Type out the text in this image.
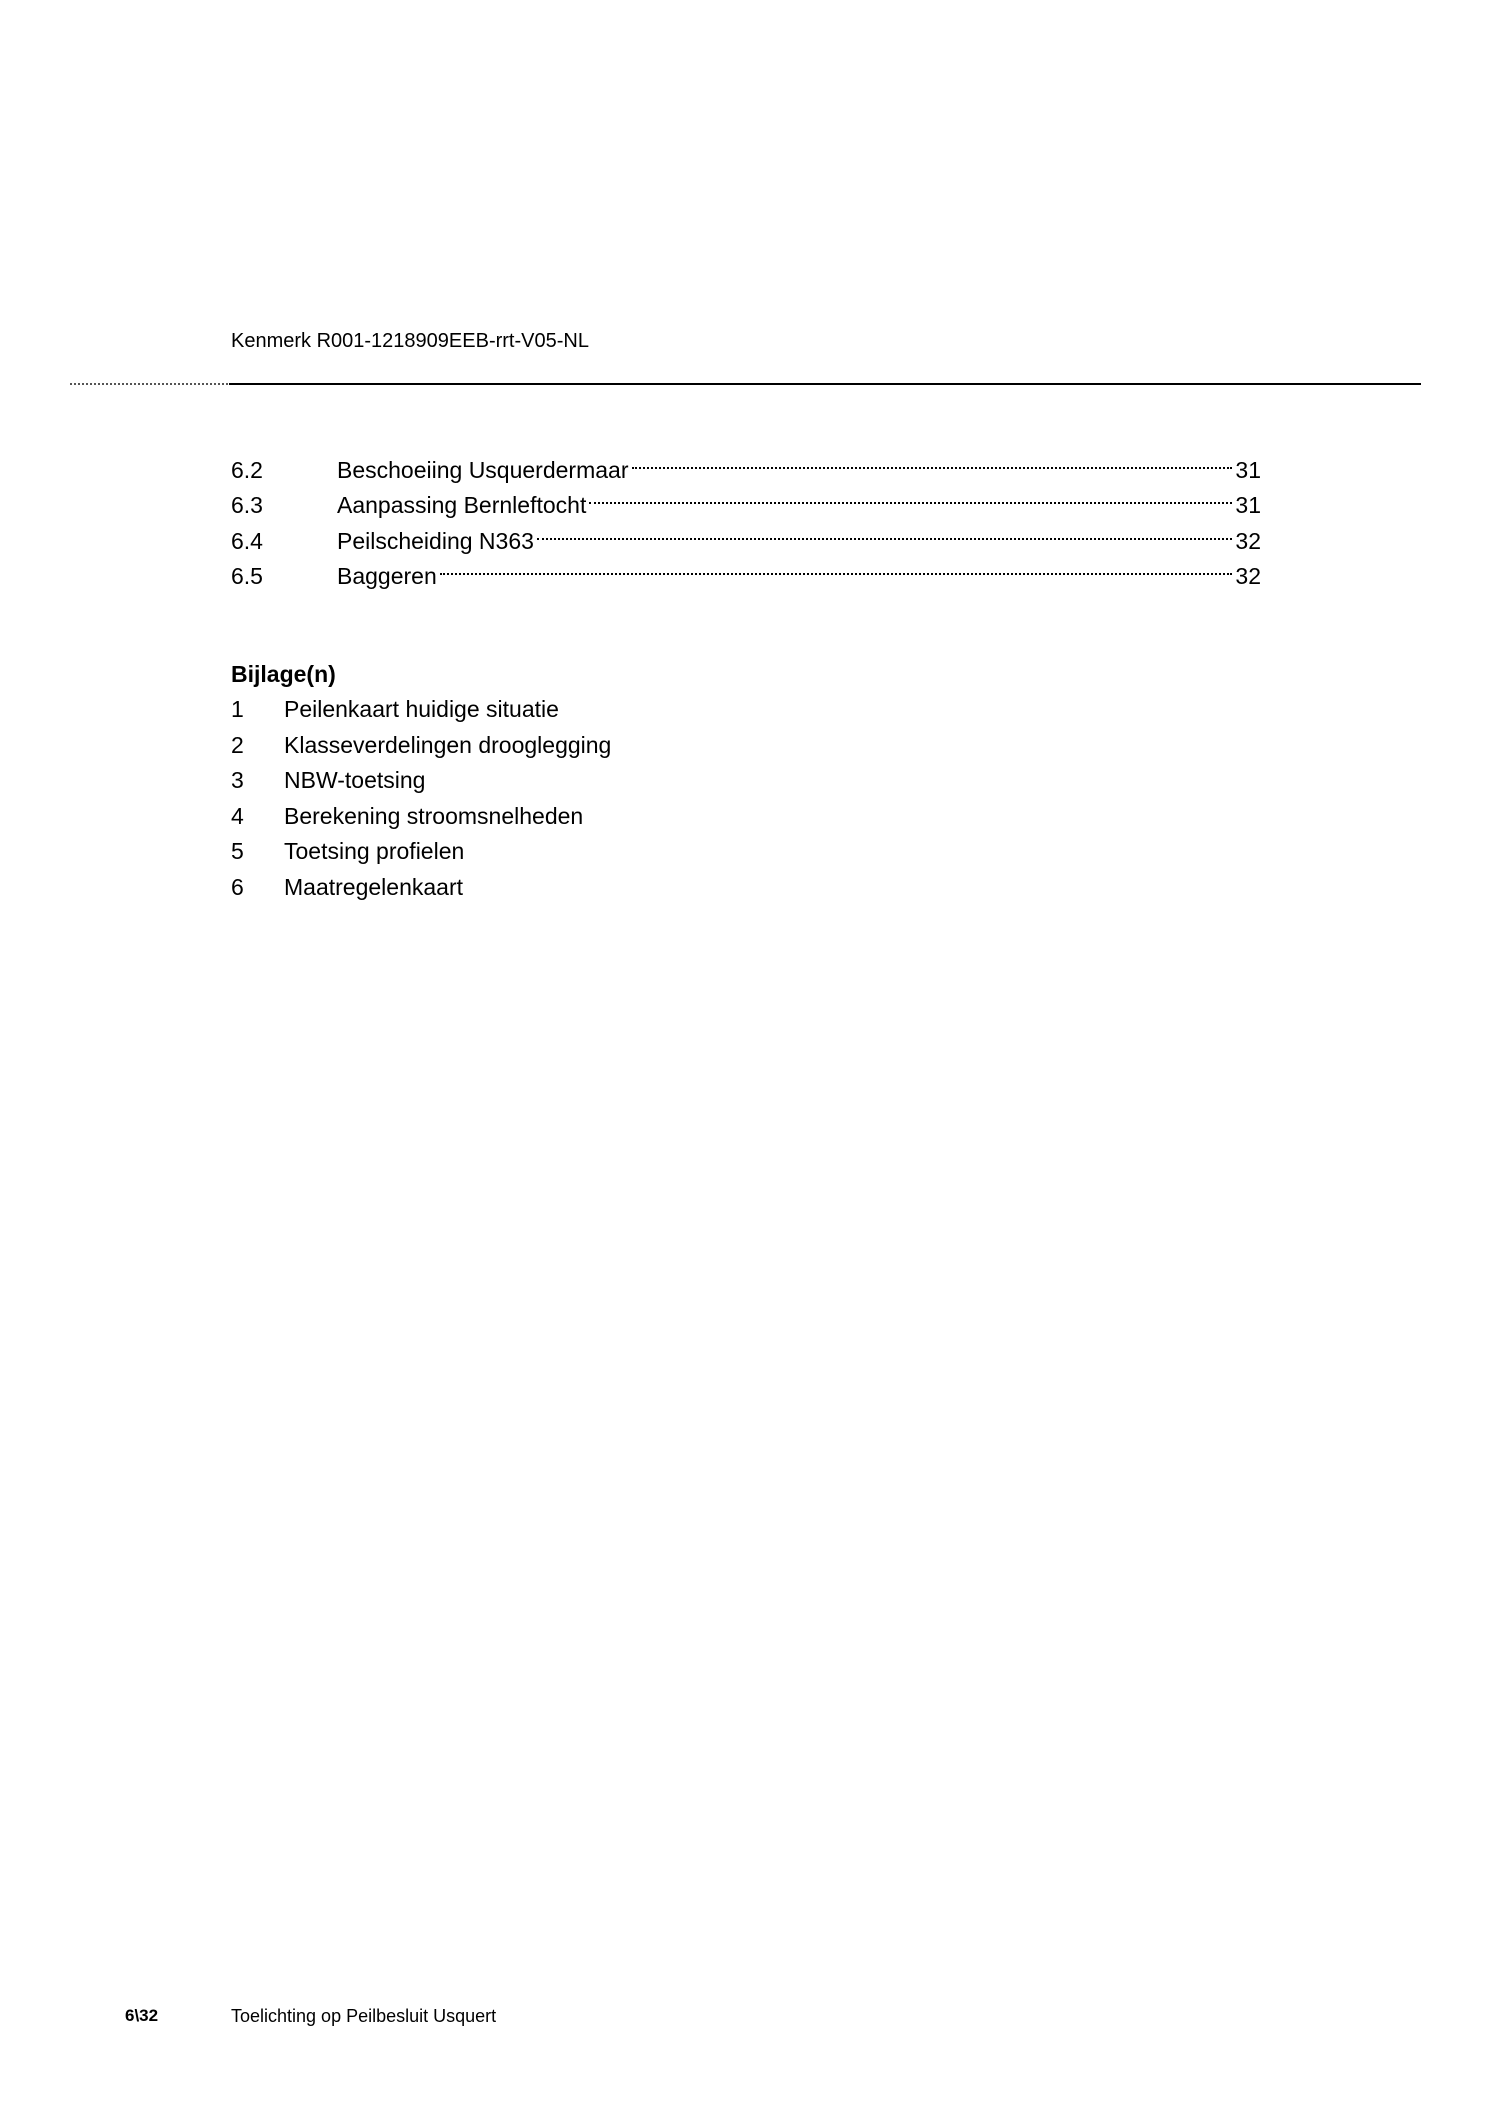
Kenmerk R001-1218909EEB-rrt-V05-NL
6.2	Beschoeiing Usquerdermaar	31
6.3	Aanpassing Bernleftocht	31
6.4	Peilscheiding N363	32
6.5	Baggeren	32
Bijlage(n)
1	Peilenkaart huidige situatie
2	Klasseverdelingen drooglegging
3	NBW-toetsing
4	Berekening stroomsnelheden
5	Toetsing profielen
6	Maatregelenkaart
6\32	Toelichting op Peilbesluit Usquert
